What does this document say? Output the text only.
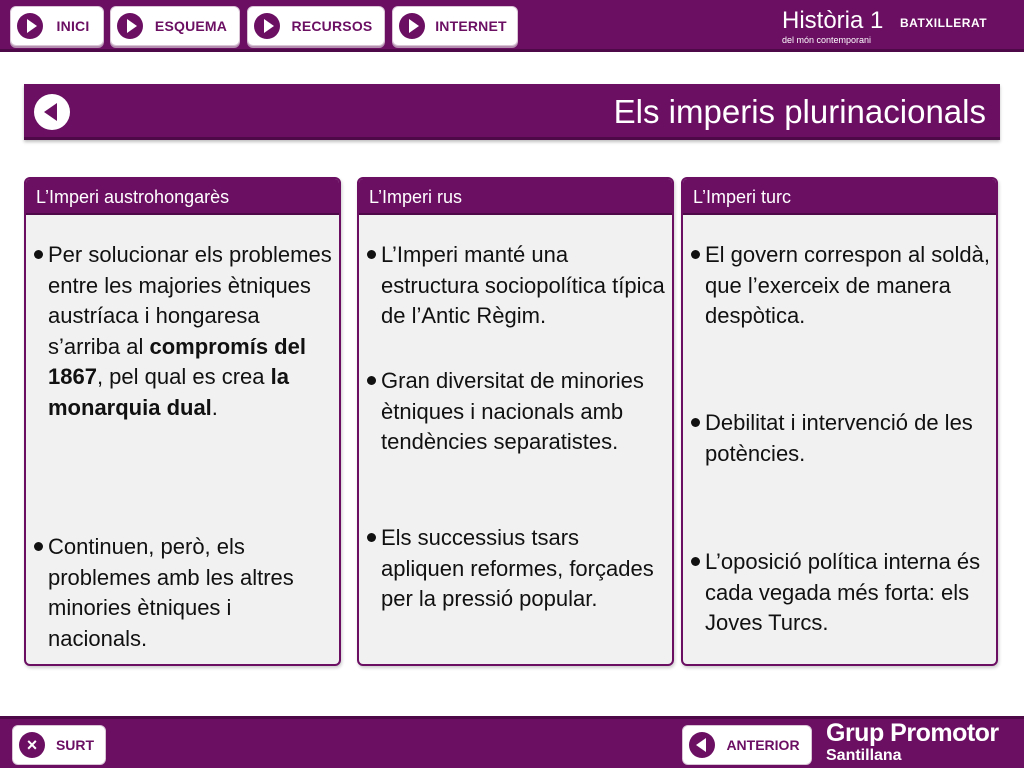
INICI	ESQUEMA	RECURSOS	INTERNET	Història 1 BATXILLERAT
del món contemporani
Els imperis plurinacionals
L’Imperi austrohongarès
Per solucionar els problemes entre les majories ètniques austríaca i hongaresa s’arriba al compromís del 1867, pel qual es crea la monarquia dual.
Continuen, però, els problemes amb les altres minories ètniques i nacionals.
L’Imperi rus
L’Imperi manté una estructura sociopolítica típica de l’Antic Règim.
Gran diversitat de minories ètniques i nacionals amb tendències separatistes.
Els successius tsars apliquen reformes, forçades per la pressió popular.
L’Imperi turc
El govern correspon al soldà, que l’exerceix de manera despòtica.
Debilitat i intervenció de les potències.
L’oposició política interna és cada vegada més forta: els Joves Turcs.
×	SURT	ANTERIOR	Grup Promotor
Santillana
